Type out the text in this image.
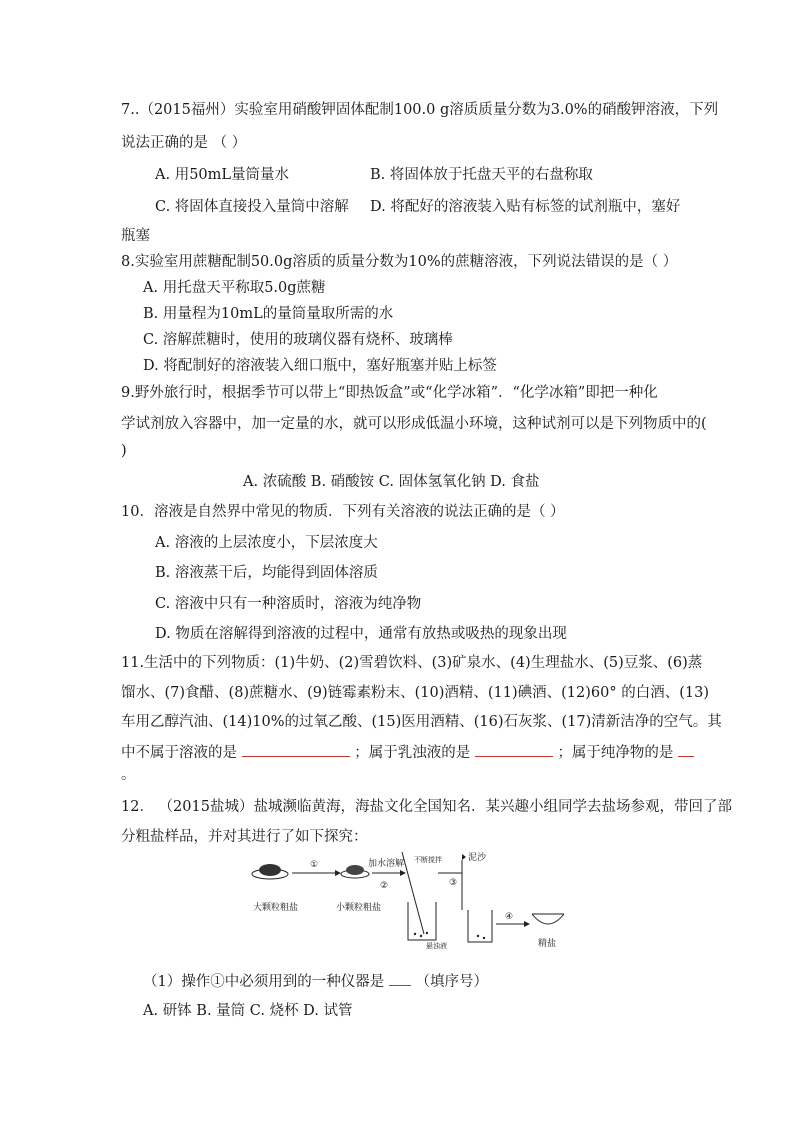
7..（2015福州）实验室用硝酸钾固体配制100.0 g溶质质量分数为3.0%的硝酸钾溶液，下列
说法正确的是 （ ）
A. 用50mL量筒量水	B. 将固体放于托盘天平的右盘称取
C. 将固体直接投入量筒中溶解 D. 将配好的溶液装入贴有标签的试剂瓶中，塞好
瓶塞
8.实验室用蔗糖配制50.0g溶质的质量分数为10%的蔗糖溶液，下列说法错误的是（ ）
A. 用托盘天平称取5.0g蔗糖
B. 用量程为10mL的量筒量取所需的水
C. 溶解蔗糖时，使用的玻璃仪器有烧杯、玻璃棒
D. 将配制好的溶液装入细口瓶中，塞好瓶塞并贴上标签
9.野外旅行时，根据季节可以带上“即热饭盒”或“化学冰箱”．“化学冰箱”即把一种化
学试剂放入容器中，加一定量的水，就可以形成低温小环境，这种试剂可以是下列物质中的(
)
A. 浓硫酸 B. 硝酸铵 C. 固体氢氧化钠 D. 食盐
10．溶液是自然界中常见的物质．下列有关溶液的说法正确的是（ ）
A. 溶液的上层浓度小，下层浓度大
B. 溶液蒸干后，均能得到固体溶质
C. 溶液中只有一种溶质时，溶液为纯净物
D. 物质在溶解得到溶液的过程中，通常有放热或吸热的现象出现
11.生活中的下列物质：(1)牛奶、(2)雪碧饮料、(3)矿泉水、(4)生理盐水、(5)豆浆、(6)蒸
馏水、(7)食醋、(8)蔗糖水、(9)链霉素粉末、(10)酒精、(11)碘酒、(12)60° 的白酒、(13)
车用乙醇汽油、(14)10%的过氧乙酸、(15)医用酒精、(16)石灰浆、(17)清新洁净的空气。其
中不属于溶液的是	；属于乳浊液的是	；属于纯净物的是
。
12． （2015盐城）盐城濒临黄海，海盐文化全国知名．某兴趣小组同学去盐场参观，带回了部
分粗盐样品，并对其进行了如下探究：
大颗粒粗盐
①
小颗粒粗盐
加水溶解
②
不断搅拌
悬浊液
③
泥沙
④
精盐
（1）操作①中必须用到的一种仪器是 （填序号）
A. 研钵 B. 量筒 C. 烧杯 D. 试管
